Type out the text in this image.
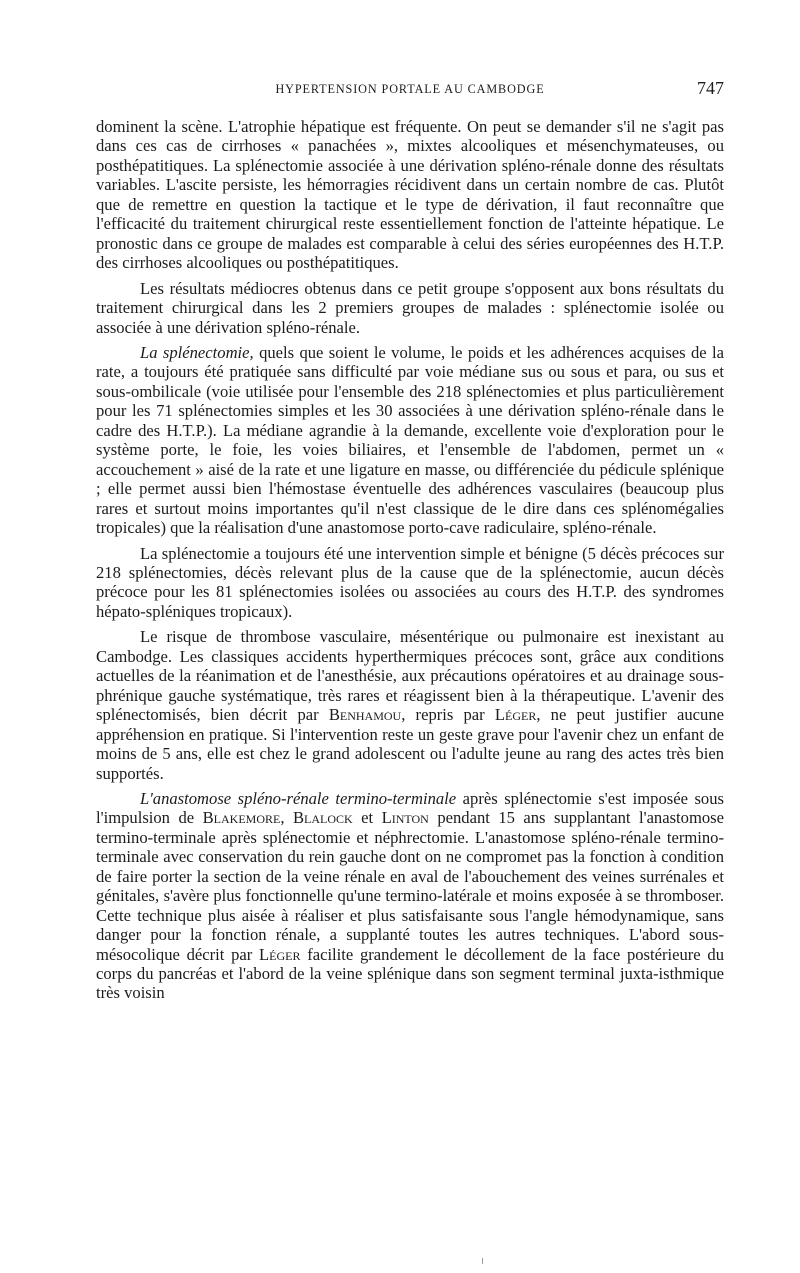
HYPERTENSION PORTALE AU CAMBODGE	747

dominent la scène. L'atrophie hépatique est fréquente. On peut se demander s'il ne s'agit pas dans ces cas de cirrhoses « panachées », mixtes alcooliques et mésenchymateuses, ou posthépatitiques. La splénectomie associée à une dérivation spléno-rénale donne des résultats variables. L'ascite persiste, les hémorragies récidivent dans un certain nombre de cas. Plutôt que de remettre en question la tactique et le type de dérivation, il faut reconnaître que l'efficacité du traitement chirurgical reste essentiellement fonction de l'atteinte hépatique. Le pronostic dans ce groupe de malades est comparable à celui des séries européennes des H.T.P. des cirrhoses alcooliques ou posthépatitiques.

Les résultats médiocres obtenus dans ce petit groupe s'opposent aux bons résultats du traitement chirurgical dans les 2 premiers groupes de malades : splénectomie isolée ou associée à une dérivation spléno-rénale.

La splénectomie, quels que soient le volume, le poids et les adhérences acquises de la rate, a toujours été pratiquée sans difficulté par voie médiane sus ou sous et para, ou sus et sous-ombilicale (voie utilisée pour l'ensemble des 218 splénectomies et plus particulièrement pour les 71 splénectomies simples et les 30 associées à une dérivation spléno-rénale dans le cadre des H.T.P.). La médiane agrandie à la demande, excellente voie d'exploration pour le système porte, le foie, les voies biliaires, et l'ensemble de l'abdomen, permet un « accouchement » aisé de la rate et une ligature en masse, ou différenciée du pédicule splénique ; elle permet aussi bien l'hémostase éventuelle des adhérences vasculaires (beaucoup plus rares et surtout moins importantes qu'il n'est classique de le dire dans ces splénomégalies tropicales) que la réalisation d'une anastomose porto-cave radiculaire, spléno-rénale.

La splénectomie a toujours été une intervention simple et bénigne (5 décès précoces sur 218 splénectomies, décès relevant plus de la cause que de la splénectomie, aucun décès précoce pour les 81 splénectomies isolées ou associées au cours des H.T.P. des syndromes hépato-spléniques tropicaux).

Le risque de thrombose vasculaire, mésentérique ou pulmonaire est inexistant au Cambodge. Les classiques accidents hyperthermiques précoces sont, grâce aux conditions actuelles de la réanimation et de l'anesthésie, aux précautions opératoires et au drainage sous-phrénique gauche systématique, très rares et réagissent bien à la thérapeutique. L'avenir des splénectomisés, bien décrit par Benhamou, repris par Léger, ne peut justifier aucune appréhension en pratique. Si l'intervention reste un geste grave pour l'avenir chez un enfant de moins de 5 ans, elle est chez le grand adolescent ou l'adulte jeune au rang des actes très bien supportés.

L'anastomose spléno-rénale termino-terminale après splénectomie s'est imposée sous l'impulsion de Blakemore, Blalock et Linton pendant 15 ans supplantant l'anastomose termino-terminale après splénectomie et néphrectomie. L'anastomose spléno-rénale termino-terminale avec conservation du rein gauche dont on ne compromet pas la fonction à condition de faire porter la section de la veine rénale en aval de l'abouchement des veines surrénales et génitales, s'avère plus fonctionnelle qu'une termino-latérale et moins exposée à se thromboser. Cette technique plus aisée à réaliser et plus satisfaisante sous l'angle hémodynamique, sans danger pour la fonction rénale, a supplanté toutes les autres techniques. L'abord sous-mésocolique décrit par Léger facilite grandement le décollement de la face postérieure du corps du pancréas et l'abord de la veine splénique dans son segment terminal juxta-isthmique très voisin
